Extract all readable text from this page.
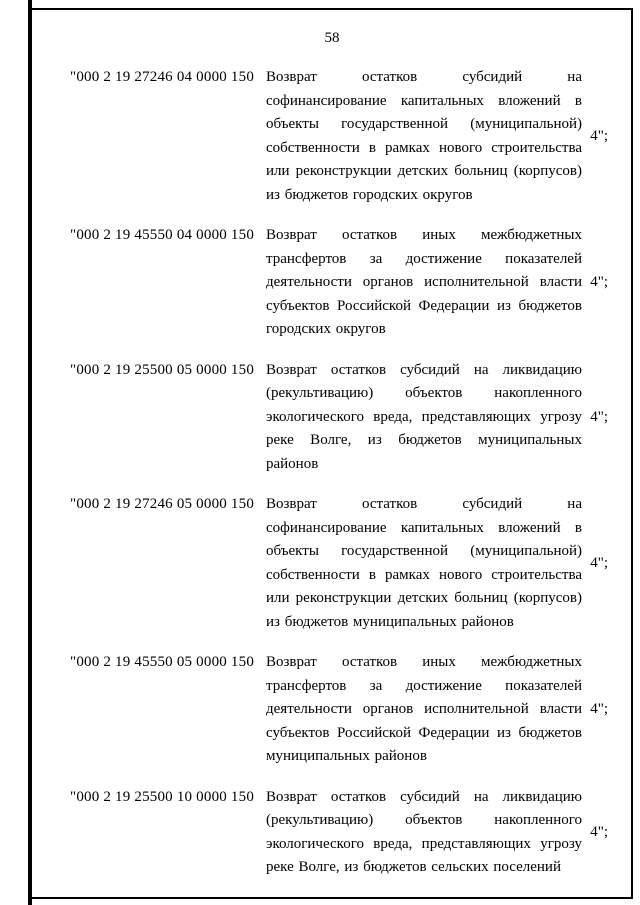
58
"000 2 19 27246 04 0000 150 Возврат остатков субсидий на софинансирование капитальных вложений в объекты государственной (муниципальной) собственности в рамках нового строительства или реконструкции детских больниц (корпусов) из бюджетов городских округов
4";
"000 2 19 45550 04 0000 150 Возврат остатков иных межбюджетных трансфертов за достижение показателей деятельности органов исполнительной власти субъектов Российской Федерации из бюджетов городских округов
4";
"000 2 19 25500 05 0000 150 Возврат остатков субсидий на ликвидацию (рекультивацию) объектов накопленного экологического вреда, представляющих угрозу реке Волге, из бюджетов муниципальных районов
4";
"000 2 19 27246 05 0000 150 Возврат остатков субсидий на софинансирование капитальных вложений в объекты государственной (муниципальной) собственности в рамках нового строительства или реконструкции детских больниц (корпусов) из бюджетов муниципальных районов
4";
"000 2 19 45550 05 0000 150 Возврат остатков иных межбюджетных трансфертов за достижение показателей деятельности органов исполнительной власти субъектов Российской Федерации из бюджетов муниципальных районов
4";
"000 2 19 25500 10 0000 150 Возврат остатков субсидий на ликвидацию (рекультивацию) объектов накопленного экологического вреда, представляющих угрозу реке Волге, из бюджетов сельских поселений
4";
